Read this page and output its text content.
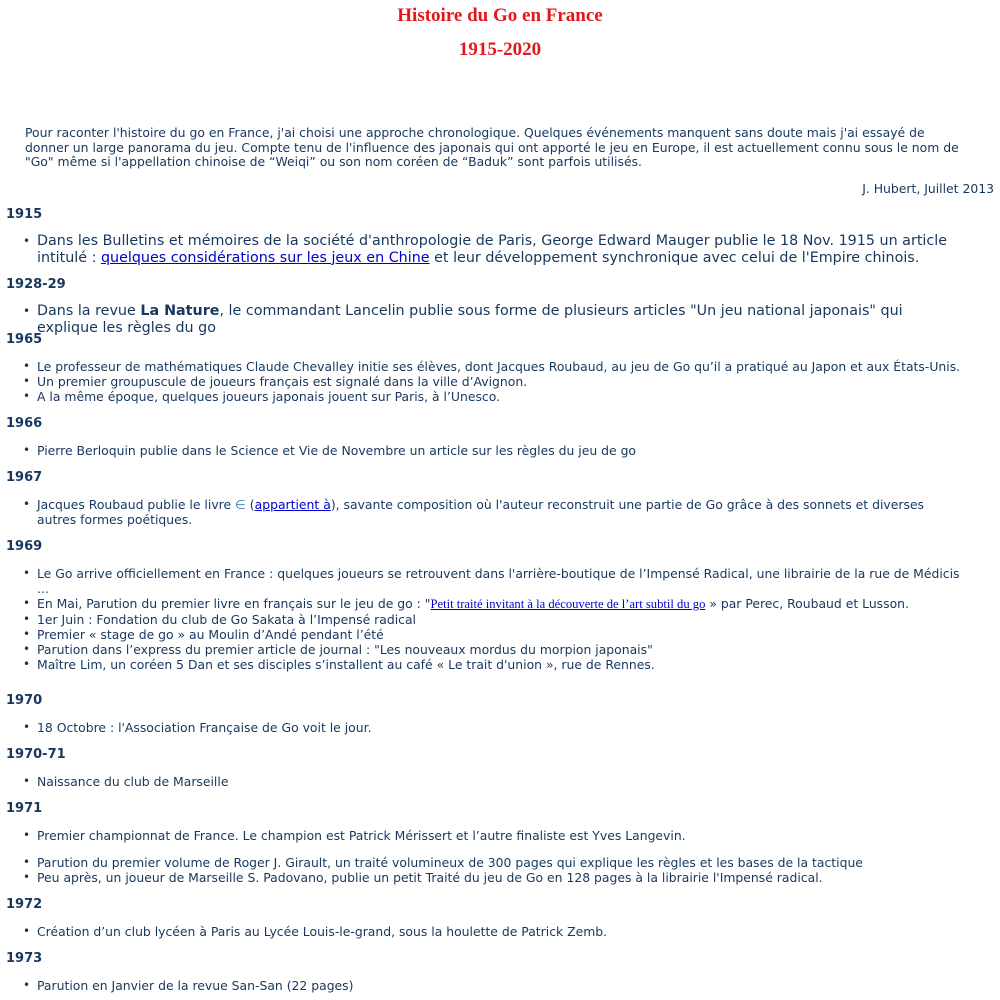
Histoire du Go en France
1915-2020
Pour raconter l'histoire du go en France, j'ai choisi une approche chronologique. Quelques événements manquent sans doute mais j'ai essayé de donner un large panorama du jeu. Compte tenu de l'influence des japonais qui ont apporté le jeu en Europe, il est actuellement connu sous le nom de "Go" même si l'appellation chinoise de “Weiqi” ou son nom coréen de “Baduk” sont parfois utilisés.
J. Hubert, Juillet 2013
1915
• Dans les Bulletins et mémoires de la société d'anthropologie de Paris, George Edward Mauger publie le 18 Nov. 1915 un article intitulé : quelques considérations sur les jeux en Chine et leur développement synchronique avec celui de l'Empire chinois.
1928-29
• Dans la revue La Nature, le commandant Lancelin publie sous forme de plusieurs articles "Un jeu national japonais" qui explique les règles du go
1965
• Le professeur de mathématiques Claude Chevalley initie ses élèves, dont Jacques Roubaud, au jeu de Go qu’il a pratiqué au Japon et aux États-Unis.
• Un premier groupuscule de joueurs français est signalé dans la ville d’Avignon.
• A la même époque, quelques joueurs japonais jouent sur Paris, à l’Unesco.
1966
• Pierre Berloquin publie dans le Science et Vie de Novembre un article sur les règles du jeu de go
1967
• Jacques Roubaud publie le livre ∈ (appartient à), savante composition où l'auteur reconstruit une partie de Go grâce à des sonnets et diverses autres formes poétiques.
1969
• Le Go arrive officiellement en France : quelques joueurs se retrouvent dans l'arrière-boutique de l’Impensé Radical, une librairie de la rue de Médicis ...
• En Mai, Parution du premier livre en français sur le jeu de go : "Petit traité invitant à la découverte de l’art subtil du go » par Perec, Roubaud et Lusson.
• 1er Juin : Fondation du club de Go Sakata à l’Impensé radical
• Premier « stage de go » au Moulin d’Andé pendant l’été
• Parution dans l’express du premier article de journal : "Les nouveaux mordus du morpion japonais"
• Maître Lim, un coréen 5 Dan et ses disciples s’installent au café « Le trait d'union », rue de Rennes.
1970
• 18 Octobre : l'Association Française de Go voit le jour.
1970-71
• Naissance du club de Marseille
1971
• Premier championnat de France. Le champion est Patrick Mérissert et l’autre finaliste est Yves Langevin.
• Parution du premier volume de Roger J. Girault, un traité volumineux de 300 pages qui explique les règles et les bases de la tactique
• Peu après, un joueur de Marseille S. Padovano, publie un petit Traité du jeu de Go en 128 pages à la librairie l'Impensé radical.
1972
• Création d’un club lycéen à Paris au Lycée Louis-le-grand, sous la houlette de Patrick Zemb.
1973
• Parution en Janvier de la revue San-San (22 pages)
